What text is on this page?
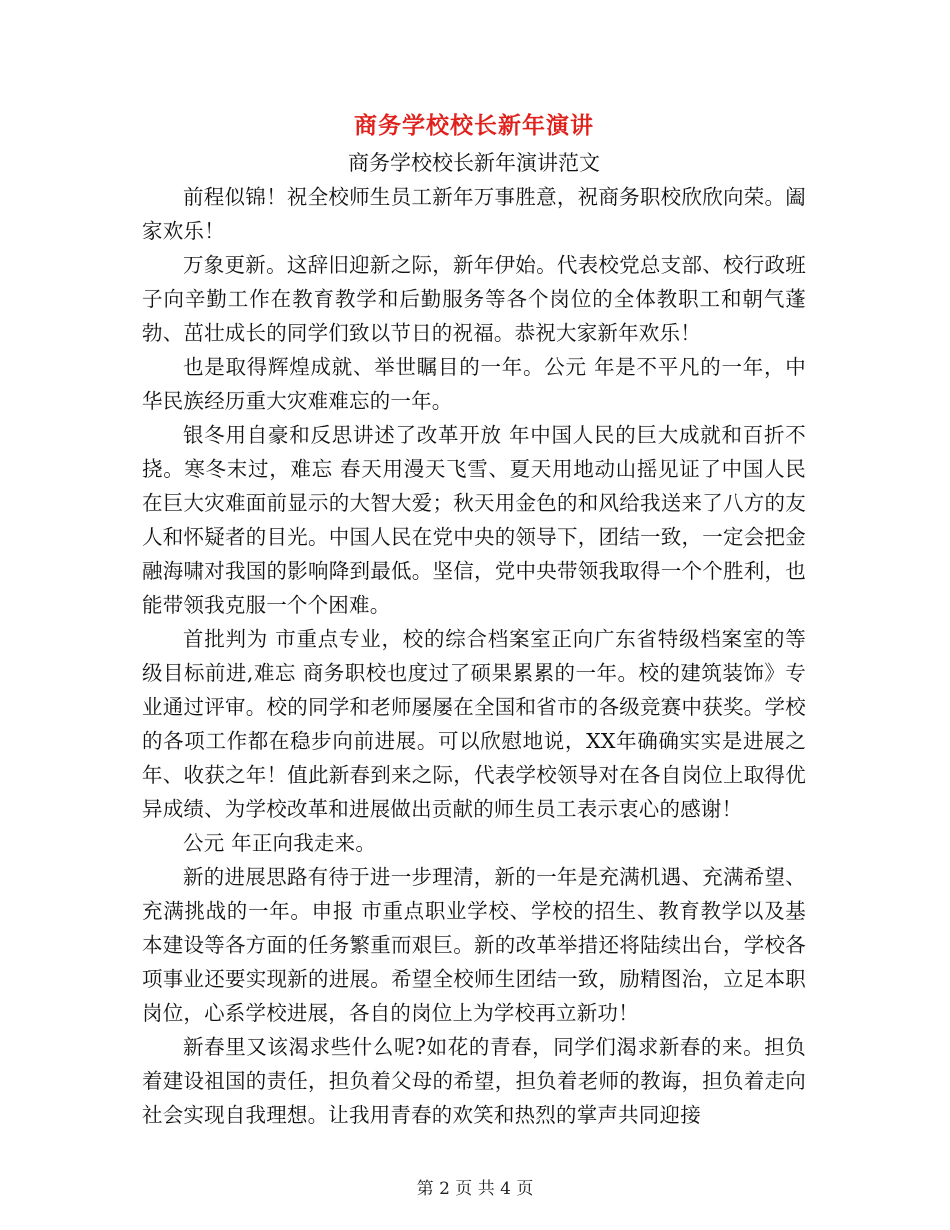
商务学校校长新年演讲

商务学校校长新年演讲范文

前程似锦！祝全校师生员工新年万事胜意，祝商务职校欣欣向荣。阖家欢乐！

万象更新。这辞旧迎新之际，新年伊始。代表校党总支部、校行政班子向辛勤工作在教育教学和后勤服务等各个岗位的全体教职工和朝气蓬勃、茁壮成长的同学们致以节日的祝福。恭祝大家新年欢乐！

也是取得辉煌成就、举世瞩目的一年。公元 年是不平凡的一年，中华民族经历重大灾难难忘的一年。

银冬用自豪和反思讲述了改革开放 年中国人民的巨大成就和百折不挠。寒冬末过，难忘 春天用漫天飞雪、夏天用地动山摇见证了中国人民在巨大灾难面前显示的大智大爱；秋天用金色的和风给我送来了八方的友人和怀疑者的目光。中国人民在党中央的领导下，团结一致，一定会把金融海啸对我国的影响降到最低。坚信，党中央带领我取得一个个胜利，也能带领我克服一个个困难。

首批判为 市重点专业，校的综合档案室正向广东省特级档案室的等级目标前进,难忘 商务职校也度过了硕果累累的一年。校的建筑装饰》专业通过评审。校的同学和老师屡屡在全国和省市的各级竞赛中获奖。学校的各项工作都在稳步向前进展。可以欣慰地说，XX年确确实实是进展之年、收获之年！值此新春到来之际，代表学校领导对在各自岗位上取得优异成绩、为学校改革和进展做出贡献的师生员工表示衷心的感谢！

公元 年正向我走来。

新的进展思路有待于进一步理清，新的一年是充满机遇、充满希望、充满挑战的一年。申报 市重点职业学校、学校的招生、教育教学以及基本建设等各方面的任务繁重而艰巨。新的改革举措还将陆续出台，学校各项事业还要实现新的进展。希望全校师生团结一致，励精图治，立足本职岗位，心系学校进展，各自的岗位上为学校再立新功！

新春里又该渴求些什么呢?如花的青春，同学们渴求新春的来。担负着建设祖国的责任，担负着父母的希望，担负着老师的教诲，担负着走向社会实现自我理想。让我用青春的欢笑和热烈的掌声共同迎接

第 2 页 共 4 页
